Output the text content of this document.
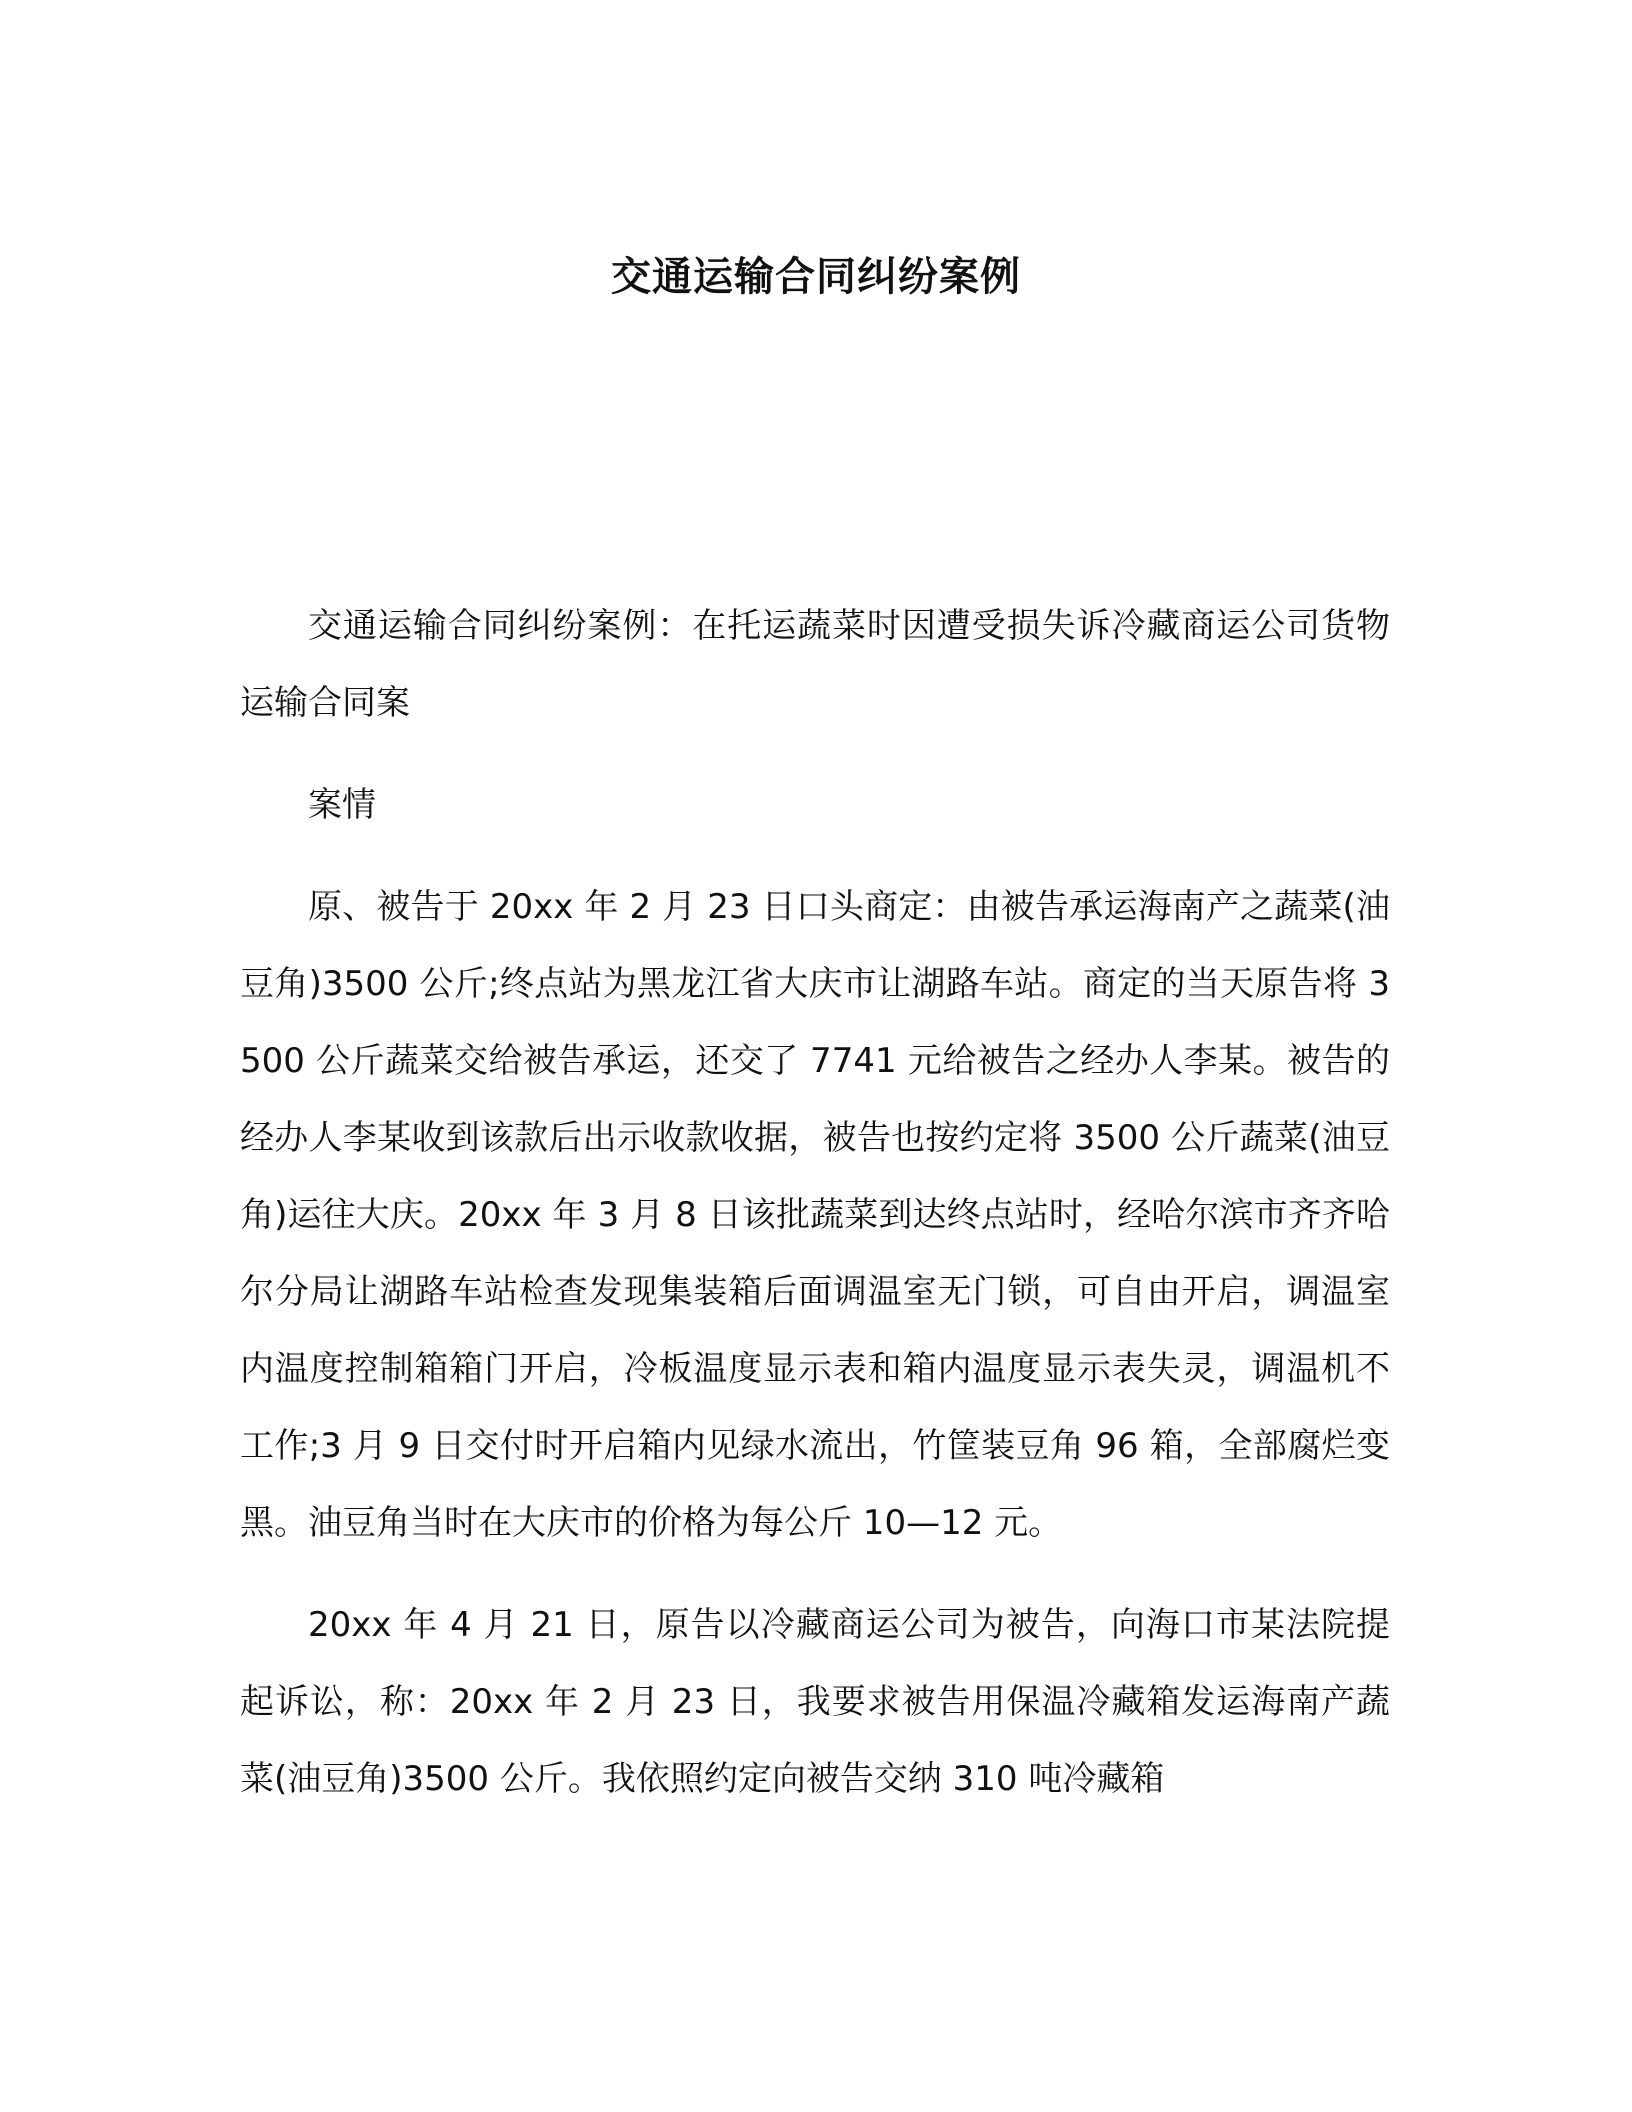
交通运输合同纠纷案例

交通运输合同纠纷案例：在托运蔬菜时因遭受损失诉冷藏商运公司货物运输合同案

案情

原、被告于 20xx 年 2 月 23 日口头商定：由被告承运海南产之蔬菜(油豆角)3500 公斤;终点站为黑龙江省大庆市让湖路车站。商定的当天原告将 3500 公斤蔬菜交给被告承运，还交了 7741 元给被告之经办人李某。被告的经办人李某收到该款后出示收款收据，被告也按约定将 3500 公斤蔬菜(油豆角)运往大庆。20xx 年 3 月 8 日该批蔬菜到达终点站时，经哈尔滨市齐齐哈尔分局让湖路车站检查发现集装箱后面调温室无门锁，可自由开启，调温室内温度控制箱箱门开启，冷板温度显示表和箱内温度显示表失灵，调温机不工作;3 月 9 日交付时开启箱内见绿水流出，竹筐装豆角 96 箱，全部腐烂变黑。油豆角当时在大庆市的价格为每公斤 10—12 元。

20xx 年 4 月 21 日，原告以冷藏商运公司为被告，向海口市某法院提起诉讼，称：20xx 年 2 月 23 日，我要求被告用保温冷藏箱发运海南产蔬菜(油豆角)3500 公斤。我依照约定向被告交纳 310 吨冷藏箱
